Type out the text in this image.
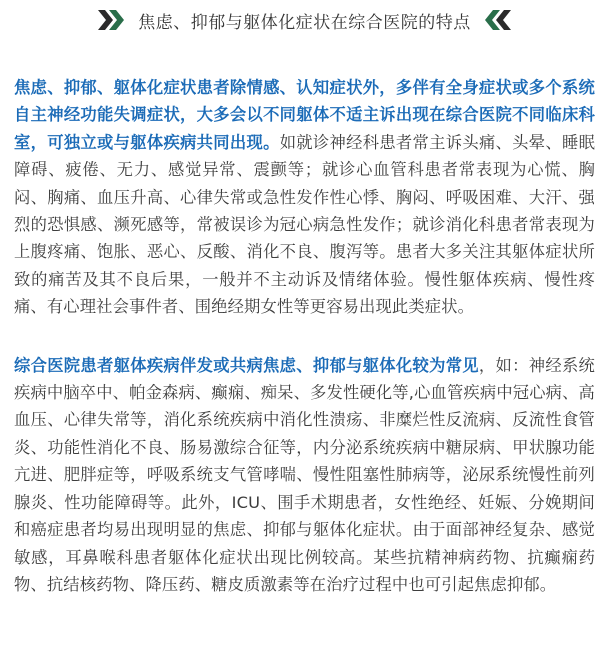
焦虑、抑郁与躯体化症状在综合医院的特点

焦虑、抑郁、躯体化症状患者除情感、认知症状外，多伴有全身症状或多个系统自主神经功能失调症状，大多会以不同躯体不适主诉出现在综合医院不同临床科室，可独立或与躯体疾病共同出现。如就诊神经科患者常主诉头痛、头晕、睡眠障碍、疲倦、无力、感觉异常、震颤等；就诊心血管科患者常表现为心慌、胸闷、胸痛、血压升高、心律失常或急性发作性心悸、胸闷、呼吸困难、大汗、强烈的恐惧感、濒死感等，常被误诊为冠心病急性发作；就诊消化科患者常表现为上腹疼痛、饱胀、恶心、反酸、消化不良、腹泻等。患者大多关注其躯体症状所致的痛苦及其不良后果，一般并不主动诉及情绪体验。慢性躯体疾病、慢性疼痛、有心理社会事件者、围绝经期女性等更容易出现此类症状。

综合医院患者躯体疾病伴发或共病焦虑、抑郁与躯体化较为常见，如：神经系统疾病中脑卒中、帕金森病、癫痫、痴呆、多发性硬化等,心血管疾病中冠心病、高血压、心律失常等，消化系统疾病中消化性溃疡、非糜烂性反流病、反流性食管炎、功能性消化不良、肠易激综合征等，内分泌系统疾病中糖尿病、甲状腺功能亢进、肥胖症等，呼吸系统支气管哮喘、慢性阻塞性肺病等，泌尿系统慢性前列腺炎、性功能障碍等。此外，ICU、围手术期患者，女性绝经、妊娠、分娩期间和癌症患者均易出现明显的焦虑、抑郁与躯体化症状。由于面部神经复杂、感觉敏感，耳鼻喉科患者躯体化症状出现比例较高。某些抗精神病药物、抗癫痫药物、抗结核药物、降压药、糖皮质激素等在治疗过程中也可引起焦虑抑郁。
